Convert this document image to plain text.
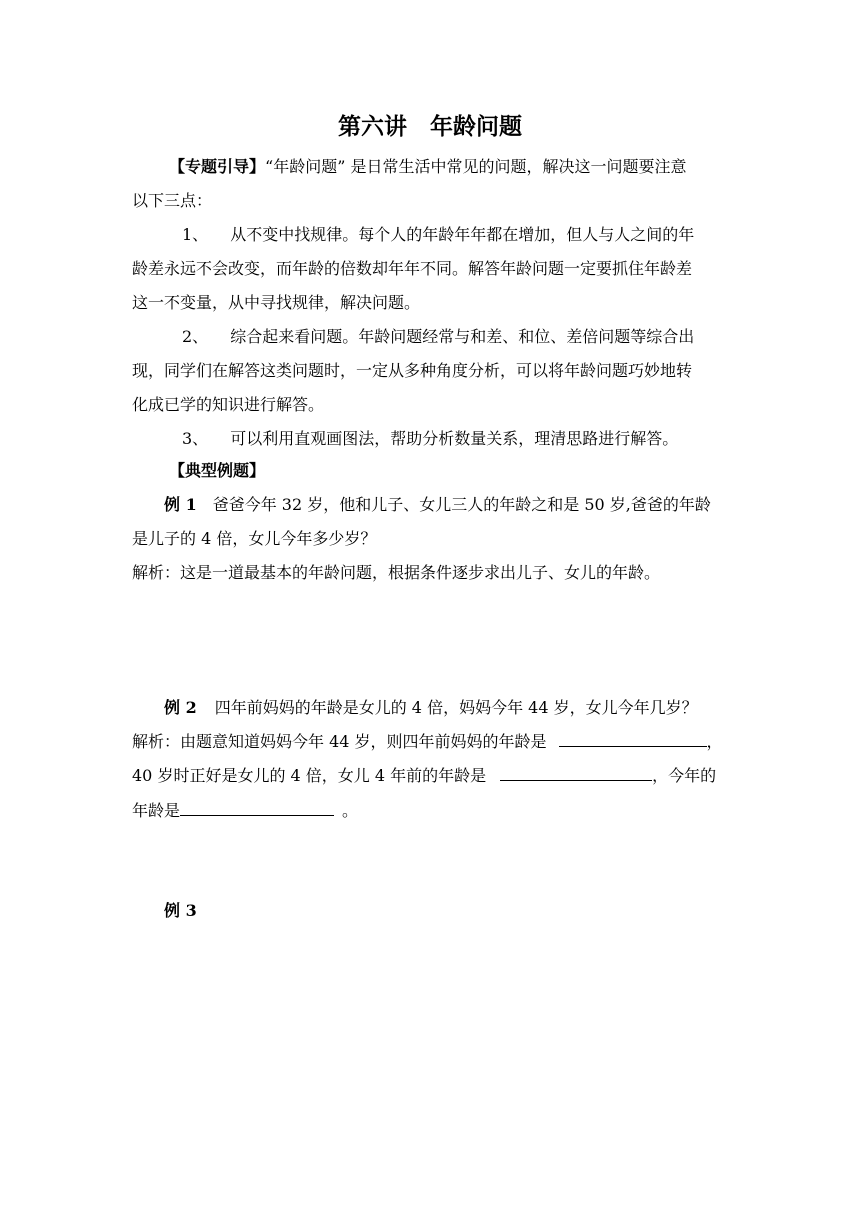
第六讲　年龄问题

【专题引导】“年龄问题” 是日常生活中常见的问题，解决这一问题要注意

以下三点：

1、 从不变中找规律。每个人的年龄年年都在增加，但人与人之间的年

龄差永远不会改变，而年龄的倍数却年年不同。解答年龄问题一定要抓住年龄差

这一不变量，从中寻找规律，解决问题。

2、 综合起来看问题。年龄问题经常与和差、和位、差倍问题等综合出

现，同学们在解答这类问题时，一定从多种角度分析，可以将年龄问题巧妙地转

化成已学的知识进行解答。

3、 可以利用直观画图法，帮助分析数量关系，理清思路进行解答。

【典型例题】

例 1 爸爸今年 32 岁，他和儿子、女儿三人的年龄之和是 50 岁,爸爸的年龄

是儿子的 4 倍，女儿今年多少岁？

解析：这是一道最基本的年龄问题，根据条件逐步求出儿子、女儿的年龄。

例 2 四年前妈妈的年龄是女儿的 4 倍，妈妈今年 44 岁，女儿今年几岁？

解析：由题意知道妈妈今年 44 岁，则四年前妈妈的年龄是	，

40 岁时正好是女儿的 4 倍，女儿 4 年前的年龄是	，今年的

年龄是	。

例 3
